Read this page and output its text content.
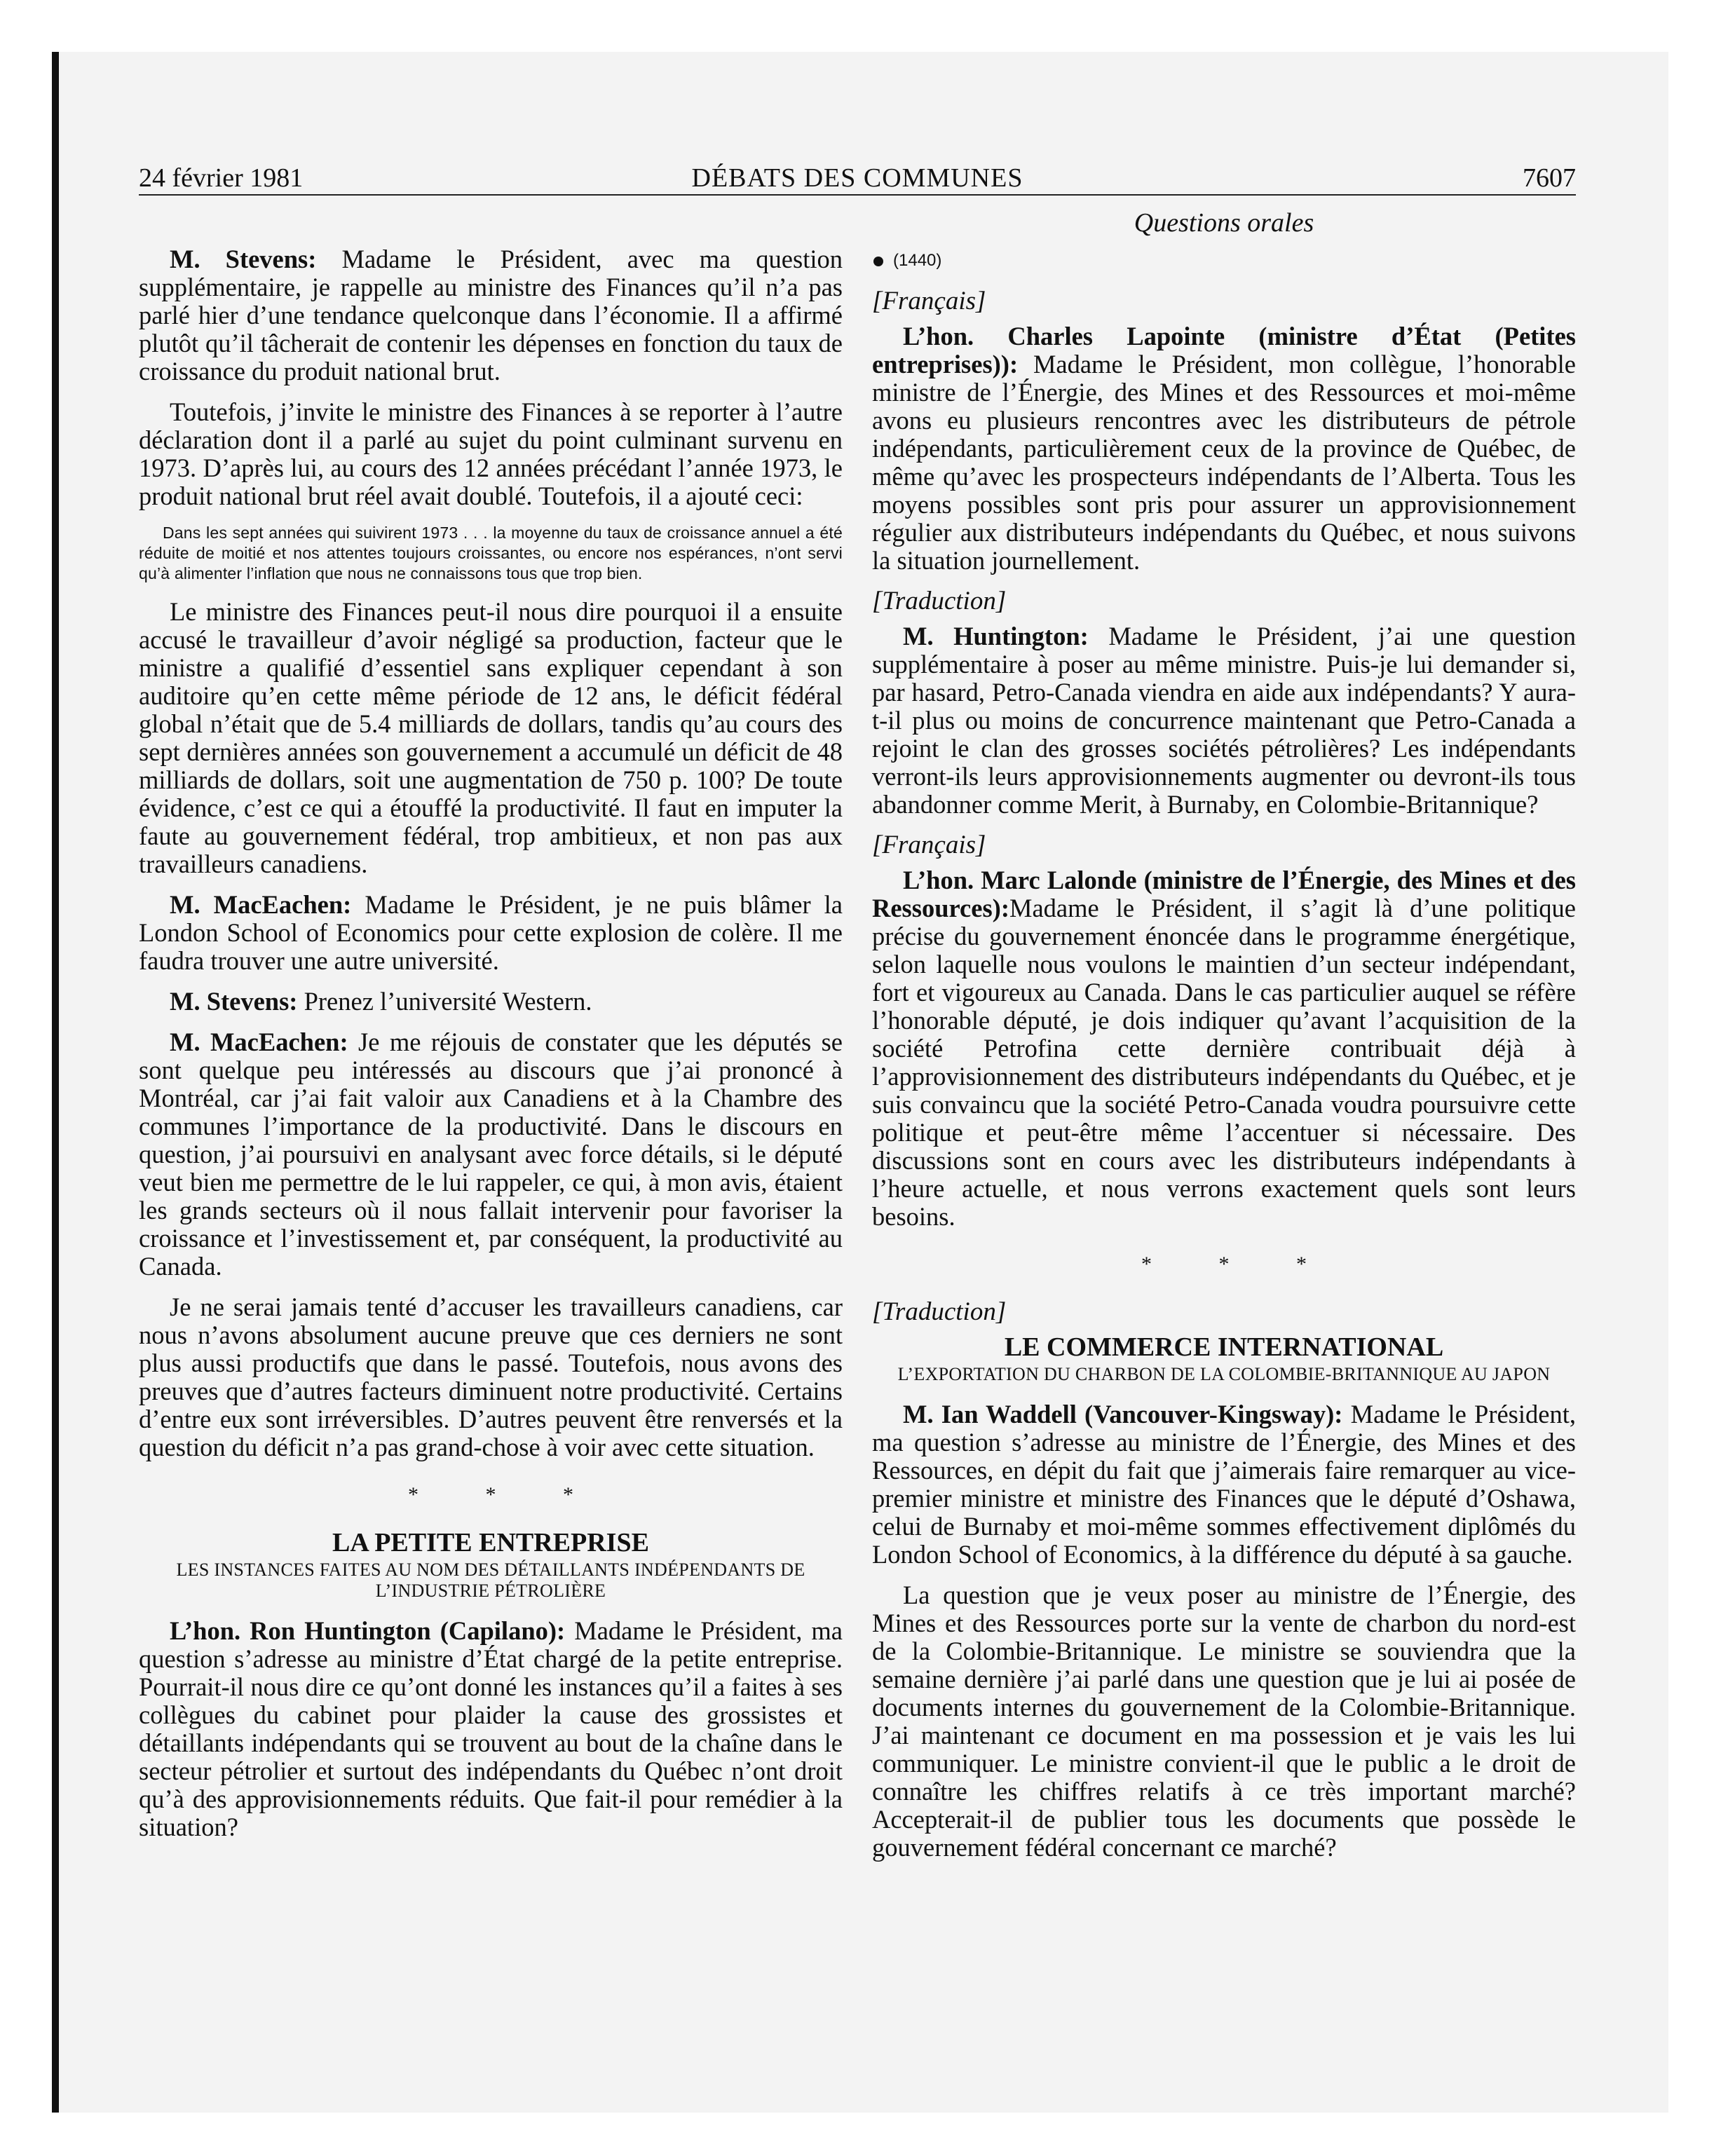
24 février 1981	DÉBATS DES COMMUNES	7607

M. Stevens: Madame le Président, avec ma question supplémentaire, je rappelle au ministre des Finances qu’il n’a pas parlé hier d’une tendance quelconque dans l’économie. Il a affirmé plutôt qu’il tâcherait de contenir les dépenses en fonction du taux de croissance du produit national brut.

Toutefois, j’invite le ministre des Finances à se reporter à l’autre déclaration dont il a parlé au sujet du point culminant survenu en 1973. D’après lui, au cours des 12 années précédant l’année 1973, le produit national brut réel avait doublé. Toutefois, il a ajouté ceci:

Dans les sept années qui suivirent 1973 . . . la moyenne du taux de croissance annuel a été réduite de moitié et nos attentes toujours croissantes, ou encore nos espérances, n’ont servi qu’à alimenter l’inflation que nous ne connaissons tous que trop bien.

Le ministre des Finances peut-il nous dire pourquoi il a ensuite accusé le travailleur d’avoir négligé sa production, facteur que le ministre a qualifié d’essentiel sans expliquer cependant à son auditoire qu’en cette même période de 12 ans, le déficit fédéral global n’était que de 5.4 milliards de dollars, tandis qu’au cours des sept dernières années son gouvernement a accumulé un déficit de 48 milliards de dollars, soit une augmentation de 750 p. 100? De toute évidence, c’est ce qui a étouffé la productivité. Il faut en imputer la faute au gouvernement fédéral, trop ambitieux, et non pas aux travailleurs canadiens.

M. MacEachen: Madame le Président, je ne puis blâmer la London School of Economics pour cette explosion de colère. Il me faudra trouver une autre université.

M. Stevens: Prenez l’université Western.

M. MacEachen: Je me réjouis de constater que les députés se sont quelque peu intéressés au discours que j’ai prononcé à Montréal, car j’ai fait valoir aux Canadiens et à la Chambre des communes l’importance de la productivité. Dans le discours en question, j’ai poursuivi en analysant avec force détails, si le député veut bien me permettre de le lui rappeler, ce qui, à mon avis, étaient les grands secteurs où il nous fallait intervenir pour favoriser la croissance et l’investissement et, par conséquent, la productivité au Canada.

Je ne serai jamais tenté d’accuser les travailleurs canadiens, car nous n’avons absolument aucune preuve que ces derniers ne sont plus aussi productifs que dans le passé. Toutefois, nous avons des preuves que d’autres facteurs diminuent notre productivité. Certains d’entre eux sont irréversibles. D’autres peuvent être renversés et la question du déficit n’a pas grand-chose à voir avec cette situation.

* * *

LA PETITE ENTREPRISE

LES INSTANCES FAITES AU NOM DES DÉTAILLANTS INDÉPENDANTS DE L’INDUSTRIE PÉTROLIÈRE

L’hon. Ron Huntington (Capilano): Madame le Président, ma question s’adresse au ministre d’État chargé de la petite entreprise. Pourrait-il nous dire ce qu’ont donné les instances qu’il a faites à ses collègues du cabinet pour plaider la cause des grossistes et détaillants indépendants qui se trouvent au bout de la chaîne dans le secteur pétrolier et surtout des indépendants du Québec n’ont droit qu’à des approvisionnements réduits. Que fait-il pour remédier à la situation?

Questions orales

(1440)

[Français]

L’hon. Charles Lapointe (ministre d’État (Petites entreprises)): Madame le Président, mon collègue, l’honorable ministre de l’Énergie, des Mines et des Ressources et moi-même avons eu plusieurs rencontres avec les distributeurs de pétrole indépendants, particulièrement ceux de la province de Québec, de même qu’avec les prospecteurs indépendants de l’Alberta. Tous les moyens possibles sont pris pour assurer un approvisionnement régulier aux distributeurs indépendants du Québec, et nous suivons la situation journellement.

[Traduction]

M. Huntington: Madame le Président, j’ai une question supplémentaire à poser au même ministre. Puis-je lui demander si, par hasard, Petro-Canada viendra en aide aux indépendants? Y aura-t-il plus ou moins de concurrence maintenant que Petro-Canada a rejoint le clan des grosses sociétés pétrolières? Les indépendants verront-ils leurs approvisionnements augmenter ou devront-ils tous abandonner comme Merit, à Burnaby, en Colombie-Britannique?

[Français]

L’hon. Marc Lalonde (ministre de l’Énergie, des Mines et des Ressources):Madame le Président, il s’agit là d’une politique précise du gouvernement énoncée dans le programme énergétique, selon laquelle nous voulons le maintien d’un secteur indépendant, fort et vigoureux au Canada. Dans le cas particulier auquel se réfère l’honorable député, je dois indiquer qu’avant l’acquisition de la société Petrofina cette dernière contribuait déjà à l’approvisionnement des distributeurs indépendants du Québec, et je suis convaincu que la société Petro-Canada voudra poursuivre cette politique et peut-être même l’accentuer si nécessaire. Des discussions sont en cours avec les distributeurs indépendants à l’heure actuelle, et nous verrons exactement quels sont leurs besoins.

* * *

[Traduction]

LE COMMERCE INTERNATIONAL

L’EXPORTATION DU CHARBON DE LA COLOMBIE-BRITANNIQUE AU JAPON

M. Ian Waddell (Vancouver-Kingsway): Madame le Président, ma question s’adresse au ministre de l’Énergie, des Mines et des Ressources, en dépit du fait que j’aimerais faire remarquer au vice-premier ministre et ministre des Finances que le député d’Oshawa, celui de Burnaby et moi-même sommes effectivement diplômés du London School of Economics, à la différence du député à sa gauche.

La question que je veux poser au ministre de l’Énergie, des Mines et des Ressources porte sur la vente de charbon du nord-est de la Colombie-Britannique. Le ministre se souviendra que la semaine dernière j’ai parlé dans une question que je lui ai posée de documents internes du gouvernement de la Colombie-Britannique. J’ai maintenant ce document en ma possession et je vais les lui communiquer. Le ministre convient-il que le public a le droit de connaître les chiffres relatifs à ce très important marché? Accepterait-il de publier tous les documents que possède le gouvernement fédéral concernant ce marché?
